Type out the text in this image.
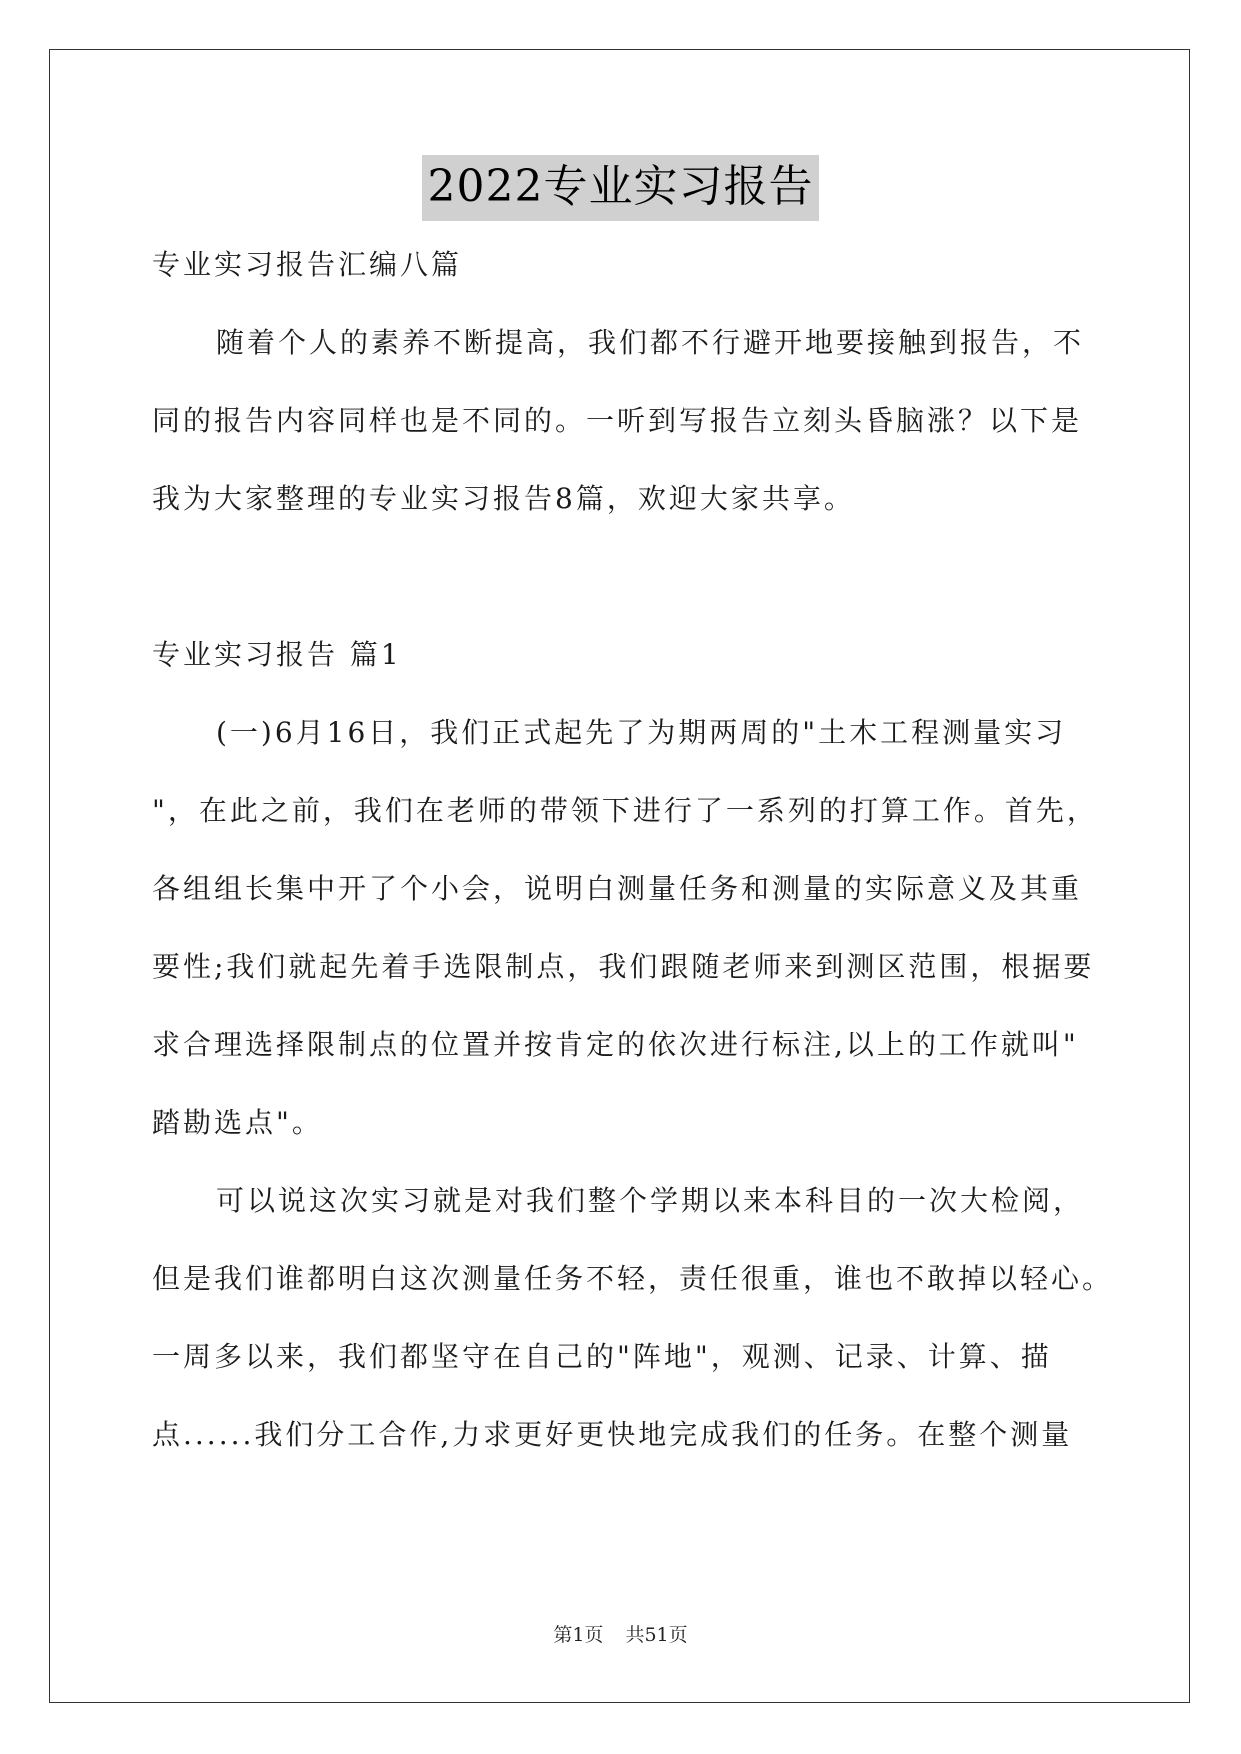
2022专业实习报告
专业实习报告汇编八篇
随着个人的素养不断提高，我们都不行避开地要接触到报告，不
同的报告内容同样也是不同的。一听到写报告立刻头昏脑涨？以下是
我为大家整理的专业实习报告8篇，欢迎大家共享。
专业实习报告 篇1
(一)6月16日，我们正式起先了为期两周的"土木工程测量实习
"，在此之前，我们在老师的带领下进行了一系列的打算工作。首先，
各组组长集中开了个小会，说明白测量任务和测量的实际意义及其重
要性;我们就起先着手选限制点，我们跟随老师来到测区范围，根据要
求合理选择限制点的位置并按肯定的依次进行标注,以上的工作就叫"
踏勘选点"。
可以说这次实习就是对我们整个学期以来本科目的一次大检阅，
但是我们谁都明白这次测量任务不轻，责任很重，谁也不敢掉以轻心。
一周多以来，我们都坚守在自己的"阵地"，观测、记录、计算、描
点......我们分工合作,力求更好更快地完成我们的任务。在整个测量
第1页 共51页
